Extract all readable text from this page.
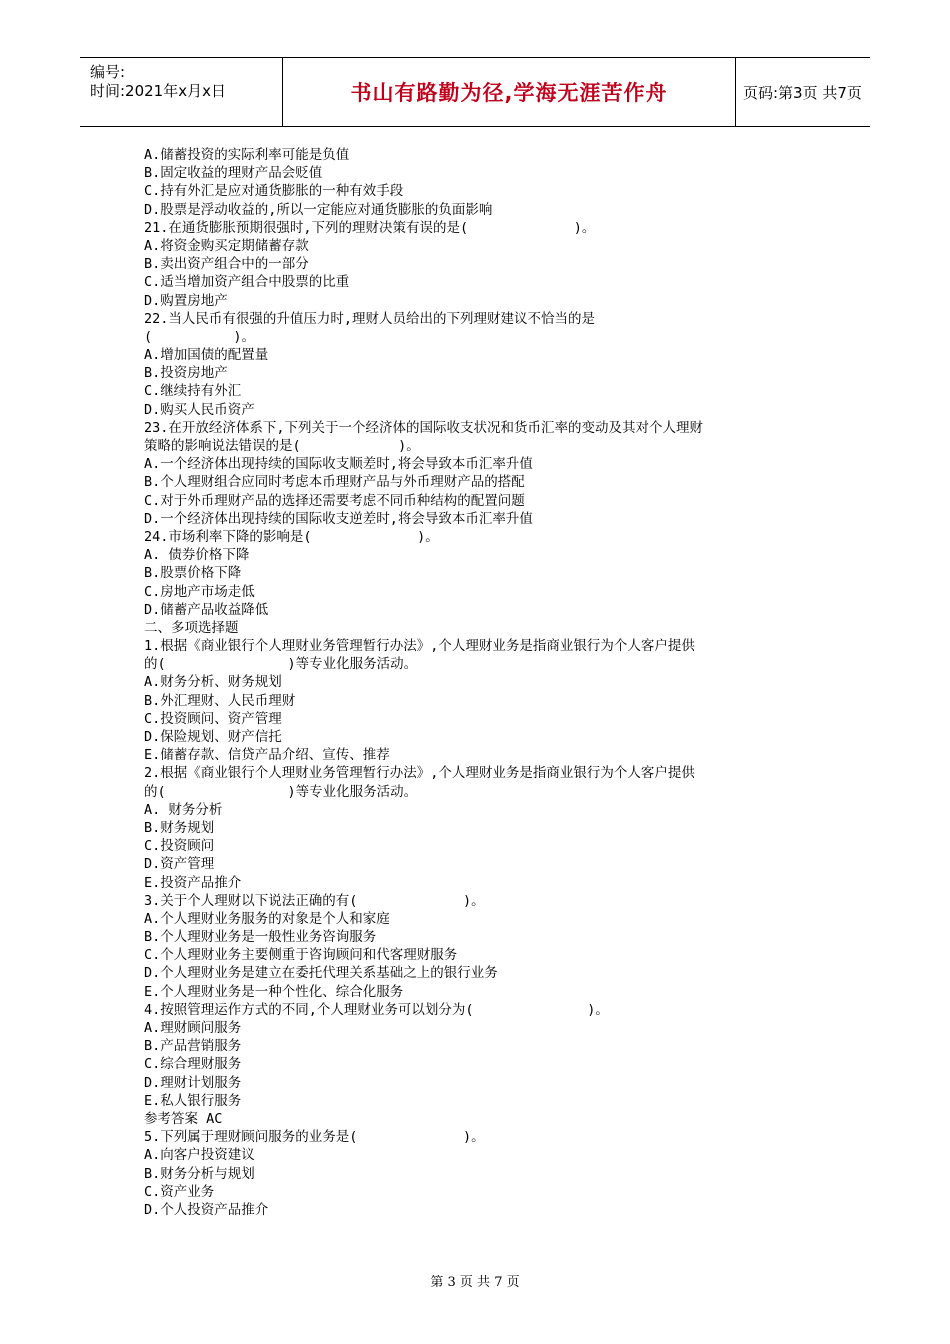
编号:
时间:2021年x月x日	书山有路勤为径,学海无涯苦作舟	页码:第3页 共7页
A.储蓄投资的实际利率可能是负值
B.固定收益的理财产品会贬值
C.持有外汇是应对通货膨胀的一种有效手段
D.股票是浮动收益的,所以一定能应对通货膨胀的负面影响
21.在通货膨胀预期很强时,下列的理财决策有误的是(             )。
A.将资金购买定期储蓄存款
B.卖出资产组合中的一部分
C.适当增加资产组合中股票的比重
D.购置房地产
22.当人民币有很强的升值压力时,理财人员给出的下列理财建议不恰当的是
(          )。
A.增加国债的配置量
B.投资房地产
C.继续持有外汇
D.购买人民币资产
23.在开放经济体系下,下列关于一个经济体的国际收支状况和货币汇率的变动及其对个人理财
策略的影响说法错误的是(            )。
A.一个经济体出现持续的国际收支顺差时,将会导致本币汇率升值
B.个人理财组合应同时考虑本币理财产品与外币理财产品的搭配
C.对于外币理财产品的选择还需要考虑不同币种结构的配置问题
D.一个经济体出现持续的国际收支逆差时,将会导致本币汇率升值
24.市场利率下降的影响是(             )。
A. 债券价格下降
B.股票价格下降
C.房地产市场走低
D.储蓄产品收益降低
二、多项选择题
1.根据《商业银行个人理财业务管理暂行办法》,个人理财业务是指商业银行为个人客户提供
的(               )等专业化服务活动。
A.财务分析、财务规划
B.外汇理财、人民币理财
C.投资顾问、资产管理
D.保险规划、财产信托
E.储蓄存款、信贷产品介绍、宣传、推荐
2.根据《商业银行个人理财业务管理暂行办法》,个人理财业务是指商业银行为个人客户提供
的(               )等专业化服务活动。
A. 财务分析
B.财务规划
C.投资顾问
D.资产管理
E.投资产品推介
3.关于个人理财以下说法正确的有(             )。
A.个人理财业务服务的对象是个人和家庭
B.个人理财业务是一般性业务咨询服务
C.个人理财业务主要侧重于咨询顾问和代客理财服务
D.个人理财业务是建立在委托代理关系基础之上的银行业务
E.个人理财业务是一种个性化、综合化服务
4.按照管理运作方式的不同,个人理财业务可以划分为(              )。
A.理财顾问服务
B.产品营销服务
C.综合理财服务
D.理财计划服务
E.私人银行服务
参考答案 AC
5.下列属于理财顾问服务的业务是(             )。
A.向客户投资建议
B.财务分析与规划
C.资产业务
D.个人投资产品推介
第 3 页 共 7 页
